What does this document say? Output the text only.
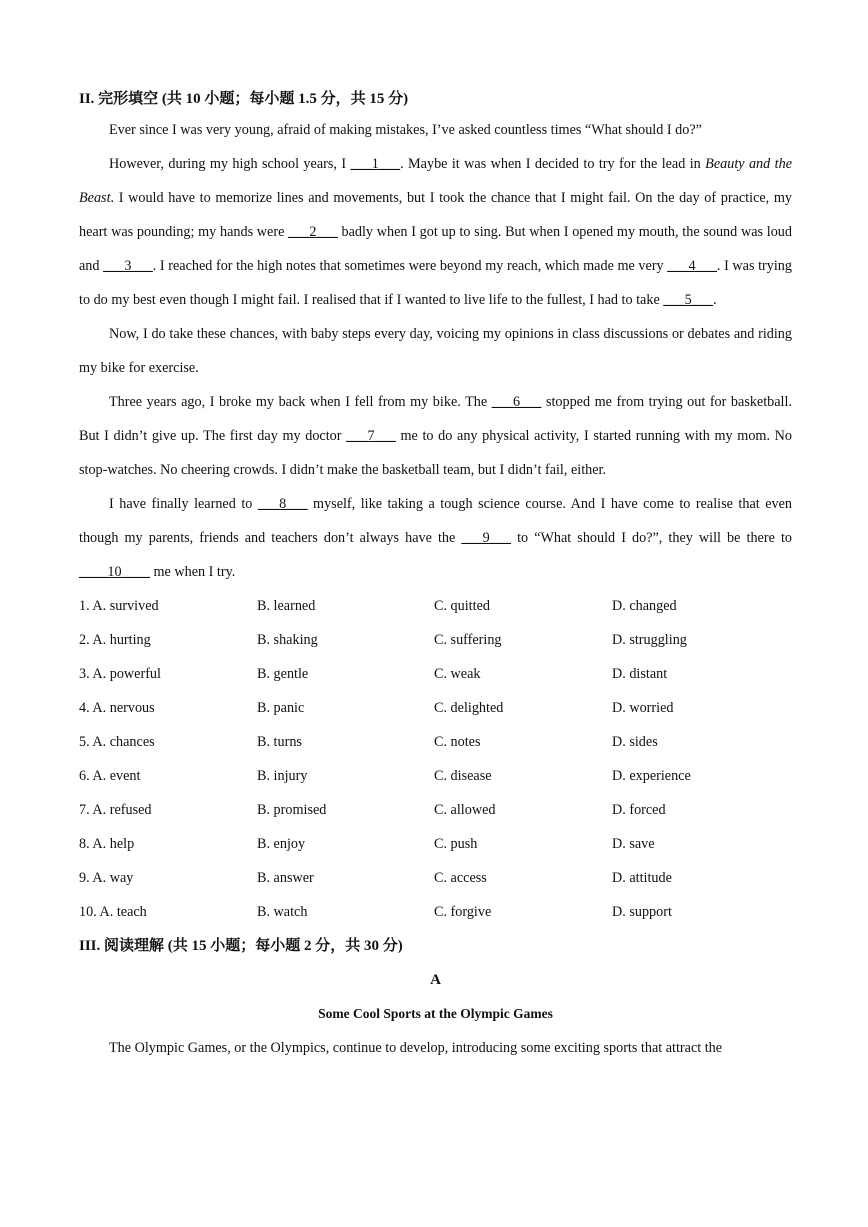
II. 完形填空 (共 10 小题；每小题 1.5 分，共 15 分)

Ever since I was very young, afraid of making mistakes, I’ve asked countless times “What should I do?”

However, during my high school years, I ___1___. Maybe it was when I decided to try for the lead in Beauty and the Beast. I would have to memorize lines and movements, but I took the chance that I might fail. On the day of practice, my heart was pounding; my hands were ___2___ badly when I got up to sing. But when I opened my mouth, the sound was loud and ___3___. I reached for the high notes that sometimes were beyond my reach, which made me very ___4___. I was trying to do my best even though I might fail. I realised that if I wanted to live life to the fullest, I had to take ___5___.

Now, I do take these chances, with baby steps every day, voicing my opinions in class discussions or debates and riding my bike for exercise.

Three years ago, I broke my back when I fell from my bike. The ___6___ stopped me from trying out for basketball. But I didn’t give up. The first day my doctor ___7___ me to do any physical activity, I started running with my mom. No stop-watches. No cheering crowds. I didn’t make the basketball team, but I didn’t fail, either.

I have finally learned to ___8___ myself, like taking a tough science course. And I have come to realise that even though my parents, friends and teachers don’t always have the ___9___ to “What should I do?”, they will be there to ____10____ me when I try.

1. A. survived	B. learned	C. quitted	D. changed
2. A. hurting	B. shaking	C. suffering	D. struggling
3. A. powerful	B. gentle	C. weak	D. distant
4. A. nervous	B. panic	C. delighted	D. worried
5. A. chances	B. turns	C. notes	D. sides
6. A. event	B. injury	C. disease	D. experience
7. A. refused	B. promised	C. allowed	D. forced
8. A. help	B. enjoy	C. push	D. save
9. A. way	B. answer	C. access	D. attitude
10. A. teach	B. watch	C. forgive	D. support
III. 阅读理解 (共 15 小题；每小题 2 分，共 30 分)
A
Some Cool Sports at the Olympic Games

The Olympic Games, or the Olympics, continue to develop, introducing some exciting sports that attract the
